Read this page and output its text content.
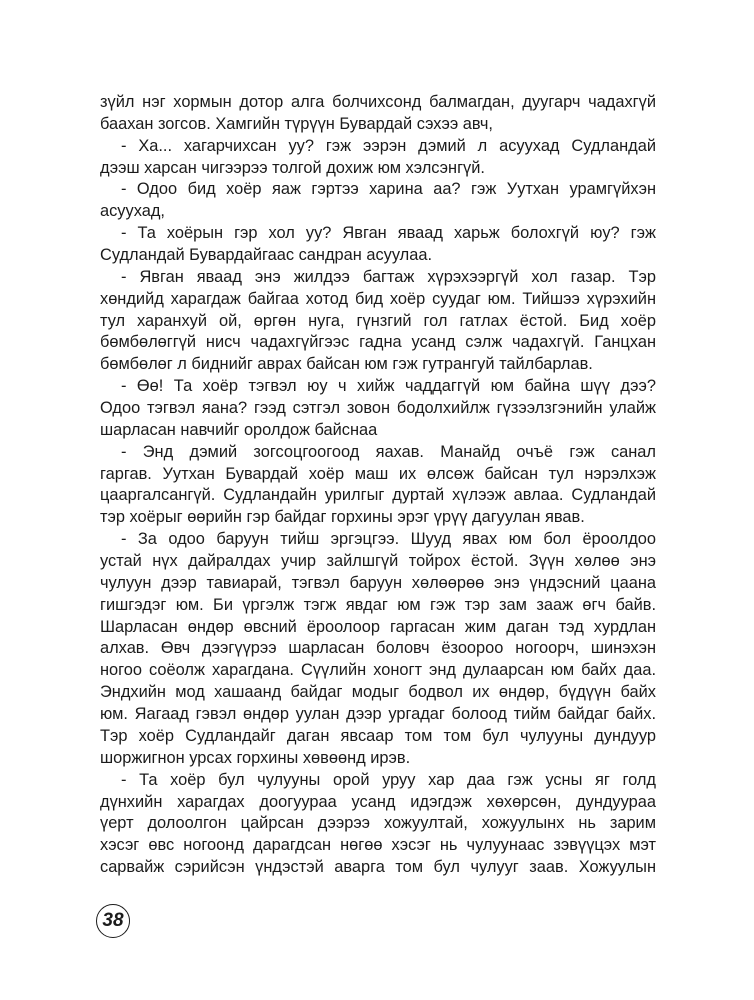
зүйл нэг хормын дотор алга болчихсонд балмагдан, дуугарч чадахгүй
баахан зогсов. Хамгийн түрүүн Бувардай сэхээ авч,
- Ха... хагарчихсан уу? гэж ээрэн дэмий л асуухад Судландай
дээш харсан чигээрээ толгой дохиж юм хэлсэнгүй.
- Одоо бид хоёр яаж гэртээ харина аа? гэж Уутхан урамгүйхэн
асуухад,
- Та хоёрын гэр хол уу? Явган яваад харьж болохгүй юу? гэж
Судландай Бувардайгаас сандран асуулаа.
- Явган яваад энэ жилдээ багтаж хүрэхээргүй хол газар. Тэр
хөндийд харагдаж байгаа хотод бид хоёр суудаг юм. Тийшээ хүрэхийн
тул харанхуй ой, өргөн нуга, гүнзгий гол гатлах ёстой. Бид хоёр
бөмбөлөггүй нисч чадахгүйгээс гадна усанд сэлж чадахгүй. Ганцхан
бөмбөлөг л биднийг аврах байсан юм гэж гутрангуй тайлбарлав.
- Өө! Та хоёр тэгвэл юу ч хийж чаддаггүй юм байна шүү дээ?
Одоо тэгвэл яана? гээд сэтгэл зовон бодолхийлж гүзээлзгэнийн улайж
шарласан навчийг оролдож байснаа
- Энд дэмий зогсоцгоогоод яахав. Манайд очъё гэж санал
гаргав. Уутхан Бувардай хоёр маш их өлсөж байсан тул нэрэлхэж
цааргалсангүй. Судландайн урилгыг дуртай хүлээж авлаа. Судландай
тэр хоёрыг өөрийн гэр байдаг горхины эрэг үрүү дагуулан явав.
- За одоо баруун тийш эргэцгээ. Шууд явах юм бол ёроолдоо
устай нүх дайралдах учир зайлшгүй тойрох ёстой. Зүүн хөлөө энэ
чулуун дээр тавиарай, тэгвэл баруун хөлөөрөө энэ үндэсний цаана
гишгэдэг юм. Би үргэлж тэгж явдаг юм гэж тэр зам зааж өгч байв.
Шарласан өндөр өвсний ёроолоор гаргасан жим даган тэд хурдлан
алхав. Өвч дээгүүрээ шарласан боловч ёзоороо ногоорч, шинэхэн
ногоо соёолж харагдана. Сүүлийн хоногт энд дулаарсан юм байх даа.
Эндхийн мод хашаанд байдаг модыг бодвол их өндөр, бүдүүн байх
юм. Яагаад гэвэл өндөр уулан дээр ургадаг болоод тийм байдаг байх.
Тэр хоёр Судландайг даган явсаар том том бул чулууны дундуур
шоржигнон урсах горхины хөвөөнд ирэв.
- Та хоёр бул чулууны орой уруу хар даа гэж усны яг голд
дүнхийн харагдах доогуураа усанд идэгдэж хөхөрсөн, дундуураа
үерт долоолгон цайрсан дээрээ хожуултай, хожуулынх нь зарим
хэсэг өвс ногоонд дарагдсан нөгөө хэсэг нь чулуунаас зэвүүцэх мэт
сарвайж сэрийсэн үндэстэй аварга том бул чулууг заав. Хожуулын
38
